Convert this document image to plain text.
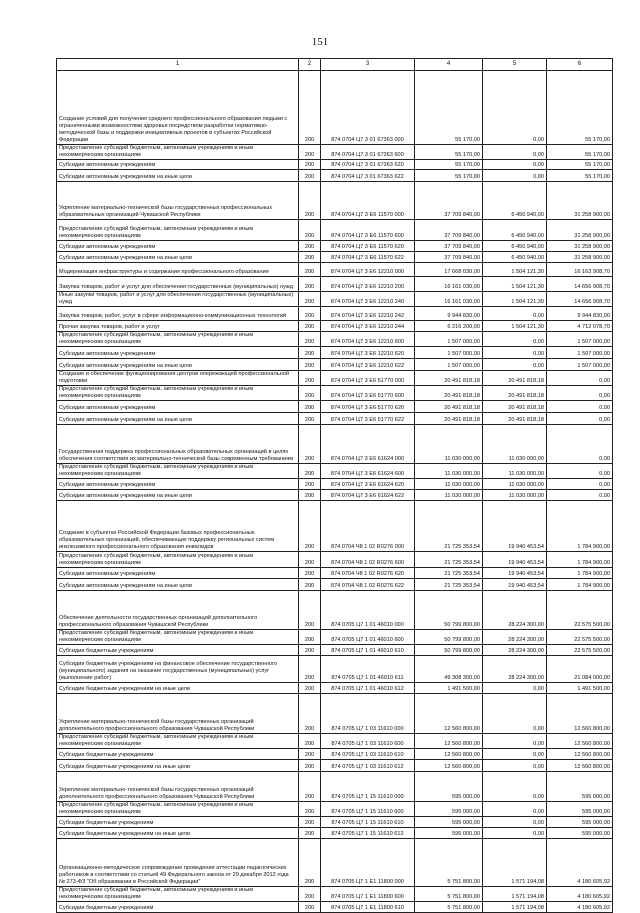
151
1	2	3	4	5	6
Создание условий для получения среднего профессионального образования людьми с ограниченными возможностями здоровья посредством разработки нормативно-методической базы и поддержки инициативных проектов в субъектах Российской Федерации	200	874 0704 Ц7 3 01 67363 000	55 170,00	0,00	55 170,00
Предоставление субсидий бюджетным, автономным учреждениям и иным некоммерческим организациям	200	874 0704 Ц7 3 01 67363 600	55 170,00	0,00	55 170,00
Субсидии автономным учреждениям	200	874 0704 Ц7 3 01 67363 620	55 170,00	0,00	55 170,00
Субсидии автономным учреждениям на иные цели	200	874 0704 Ц7 3 01 67363 622	55 170,00	0,00	55 170,00
Укрепление материально-технической базы государственных профессиональных образовательных организаций Чувашской Республики	200	874 0704 Ц7 3 Е6 11570 000	37 709 840,00	6 450 940,00	31 258 900,00
Предоставление субсидий бюджетным, автономным учреждениям и иным некоммерческим организациям	200	874 0704 Ц7 3 Е6 11570 600	37 709 840,00	6 450 940,00	31 258 900,00
Субсидии автономным учреждениям	200	874 0704 Ц7 3 Е6 11570 620	37 709 840,00	6 450 940,00	31 258 900,00
Субсидии автономным учреждениям на иные цели	200	874 0704 Ц7 3 Е6 11570 622	37 709 840,00	6 450 940,00	31 258 900,00
Модернизация инфраструктуры и содержания профессионального образования	200	874 0704 Ц7 3 Е6 12210 000	17 668 030,00	1 504 121,30	16 163 908,70
Закупка товаров, работ и услуг для обеспечения государственных (муниципальных) нужд	200	874 0704 Ц7 3 Е6 12210 200	16 161 030,00	1 504 121,30	14 656 908,70
Иные закупки товаров, работ и услуг для обеспечения государственных (муниципальных) нужд	200	874 0704 Ц7 3 Е6 12210 240	16 161 030,00	1 504 121,30	14 656 908,70
Закупка товаров, работ, услуг в сфере информационно-коммуникационных технологий	200	874 0704 Ц7 3 Е6 12210 242	9 944 830,00	0,00	9 944 830,00
Прочая закупка товаров, работ и услуг	200	874 0704 Ц7 3 Е6 12210 244	6 216 200,00	1 504 121,30	4 712 078,70
Предоставление субсидий бюджетным, автономным учреждениям и иным некоммерческим организациям	200	874 0704 Ц7 3 Е6 12210 600	1 507 000,00	0,00	1 507 000,00
Субсидии автономным учреждениям	200	874 0704 Ц7 3 Е6 12210 620	1 507 000,00	0,00	1 507 000,00
Субсидии автономным учреждениям на иные цели	200	874 0704 Ц7 3 Е6 12210 622	1 507 000,00	0,00	1 507 000,00
Создание и обеспечение функционирования центров опережающей профессиональной подготовки	200	874 0704 Ц7 3 Е6 51770 000	20 491 818,18	20 491 818,18	0,00
Предоставление субсидий бюджетным, автономным учреждениям и иным некоммерческим организациям	200	874 0704 Ц7 3 Е6 51770 600	20 491 818,18	20 491 818,18	0,00
Субсидии автономным учреждениям	200	874 0704 Ц7 3 Е6 51770 620	20 491 818,18	20 491 818,18	0,00
Субсидии автономным учреждениям на иные цели	200	874 0704 Ц7 3 Е6 51770 622	20 491 818,18	20 491 818,18	0,00
Государственная поддержка профессиональных образовательных организаций в целях обеспечения соответствия их материально-технической базы современным требованиям	200	874 0704 Ц7 3 Е6 61624 000	11 030 000,00	11 030 000,00	0,00
Предоставление субсидий бюджетным, автономным учреждениям и иным некоммерческим организациям	200	874 0704 Ц7 3 Е6 61624 600	11 030 000,00	11 030 000,00	0,00
Субсидии автономным учреждениям	200	874 0704 Ц7 3 Е6 61624 620	11 030 000,00	11 030 000,00	0,00
Субсидии автономным учреждениям на иные цели	200	874 0704 Ц7 3 Е6 61624 622	11 030 000,00	11 030 000,00	0,00
Создание в субъектах Российской Федерации базовых профессиональных образовательных организаций, обеспечивающих поддержку региональных систем инклюзивного профессионального образования инвалидов	200	874 0704 Ч8 1 02 R0276 000	21 725 353,54	19 940 453,54	1 784 900,00
Предоставление субсидий бюджетным, автономным учреждениям и иным некоммерческим организациям	200	874 0704 Ч8 1 02 R0276 600	21 725 353,54	19 940 453,54	1 784 900,00
Субсидии автономным учреждениям	200	874 0704 Ч8 1 02 R0276 620	21 725 353,54	19 940 453,54	1 784 900,00
Субсидии автономным учреждениям на иные цели	200	874 0704 Ч8 1 02 R0276 622	21 725 353,54	19 940 453,54	1 784 900,00
Обеспечение деятельности государственных организаций дополнительного профессионального образования Чувашской Республики	200	874 0705 Ц7 1 01 46010 000	50 799 800,00	28 224 300,00	22 575 500,00
Предоставление субсидий бюджетным, автономным учреждениям и иным некоммерческим организациям	200	874 0705 Ц7 1 01 46010 600	50 799 800,00	28 224 300,00	22 575 500,00
Субсидии бюджетным учреждениям	200	874 0705 Ц7 1 01 46010 610	50 799 800,00	28 224 300,00	22 575 500,00
Субсидии бюджетным учреждениям на финансовое обеспечение государственного (муниципального) задания на оказание государственных (муниципальных) услуг (выполнение работ)	200	874 0705 Ц7 1 01 46010 611	49 308 300,00	28 224 300,00	21 084 000,00
Субсидии бюджетным учреждениям на иные цели	200	874 0705 Ц7 1 01 46010 612	1 491 500,00	0,00	1 491 500,00
Укрепление материально-технической базы государственных организаций дополнительного профессионального образования Чувашской Республики	200	874 0705 Ц7 1 03 11610 000	12 560 800,00	0,00	12 560 800,00
Предоставление субсидий бюджетным, автономным учреждениям и иным некоммерческим организациям	200	874 0705 Ц7 1 03 11610 600	12 560 800,00	0,00	12 560 800,00
Субсидии бюджетным учреждениям	200	874 0705 Ц7 1 03 11610 610	12 560 800,00	0,00	12 560 800,00
Субсидии бюджетным учреждениям на иные цели	200	874 0705 Ц7 1 03 11610 612	12 560 800,00	0,00	12 560 800,00
Укрепление материально-технической базы государственных организаций дополнительного профессионального образования Чувашской Республики	200	874 0705 Ц7 1 15 11610 000	595 000,00	0,00	595 000,00
Предоставление субсидий бюджетным, автономным учреждениям и иным некоммерческим организациям	200	874 0705 Ц7 1 15 11610 600	595 000,00	0,00	595 000,00
Субсидии бюджетным учреждениям	200	874 0705 Ц7 1 15 11610 610	595 000,00	0,00	595 000,00
Субсидии бюджетным учреждениям на иные цели	200	874 0705 Ц7 1 15 11610 612	595 000,00	0,00	595 000,00
Организационно-методическое сопровождение проведения аттестации педагогических работников в соответствии со статьей 49 Федерального закона от 29 декабря 2012 года № 273-ФЗ "Об образовании в Российской Федерации"	200	874 0705 Ц7 1 Е1 11800 000	5 751 800,00	1 571 194,08	4 180 605,92
Предоставление субсидий бюджетным, автономным учреждениям и иным некоммерческим организациям	200	874 0705 Ц7 1 Е1 11800 600	5 751 800,00	1 571 194,08	4 180 605,92
Субсидии бюджетным учреждениям	200	874 0705 Ц7 1 Е1 11800 610	5 751 800,00	1 571 194,08	4 180 605,92
